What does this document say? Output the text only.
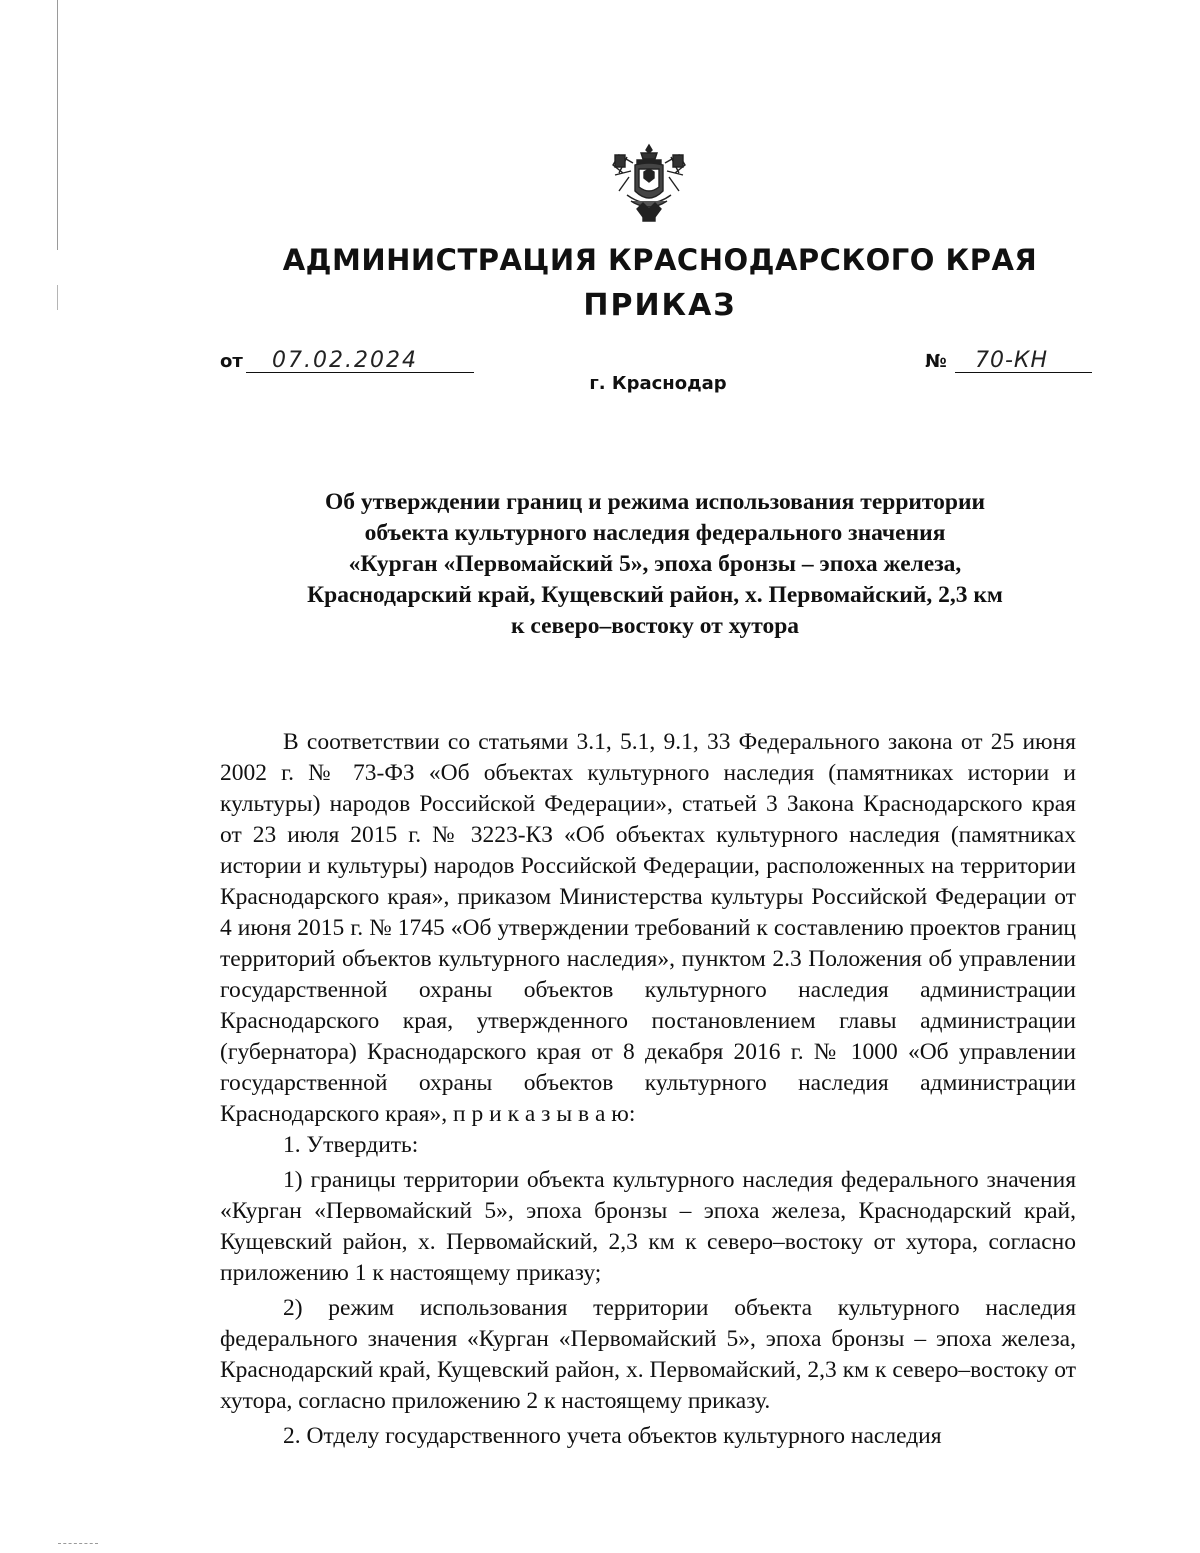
АДМИНИСТРАЦИЯ КРАСНОДАРСКОГО КРАЯ
ПРИКАЗ
от 07.02.2024	№ 70-КН
г. Краснодар
Об утверждении границ и режима использования территории
объекта культурного наследия федерального значения
«Курган «Первомайский 5», эпоха бронзы – эпоха железа,
Краснодарский край, Кущевский район, х. Первомайский, 2,3 км
к северо–востоку от хутора

В соответствии со статьями 3.1, 5.1, 9.1, 33 Федерального закона от 25 июня 2002 г. № 73-ФЗ «Об объектах культурного наследия (памятниках истории и культуры) народов Российской Федерации», статьей 3 Закона Краснодарского края от 23 июля 2015 г. № 3223-КЗ «Об объектах культурного наследия (памятниках истории и культуры) народов Российской Федерации, расположенных на территории Краснодарского края», приказом Министерства культуры Российской Федерации от 4 июня 2015 г. № 1745 «Об утверждении требований к составлению проектов границ территорий объектов культурного наследия», пунктом 2.3 Положения об управлении государственной охраны объектов культурного наследия администрации Краснодарского края, утвержденного постановлением главы администрации (губернатора) Краснодарского края от 8 декабря 2016 г. № 1000 «Об управлении государственной охраны объектов культурного наследия администрации Краснодарского края», п р и к а з ы в а ю:

1. Утвердить:

1) границы территории объекта культурного наследия федерального значения «Курган «Первомайский 5», эпоха бронзы – эпоха железа, Краснодарский край, Кущевский район, х. Первомайский, 2,3 км к северо–востоку от хутора, согласно приложению 1 к настоящему приказу;

2) режим использования территории объекта культурного наследия федерального значения «Курган «Первомайский 5», эпоха бронзы – эпоха железа, Краснодарский край, Кущевский район, х. Первомайский, 2,3 км к северо–востоку от хутора, согласно приложению 2 к настоящему приказу.

2. Отделу государственного учета объектов культурного наследия
